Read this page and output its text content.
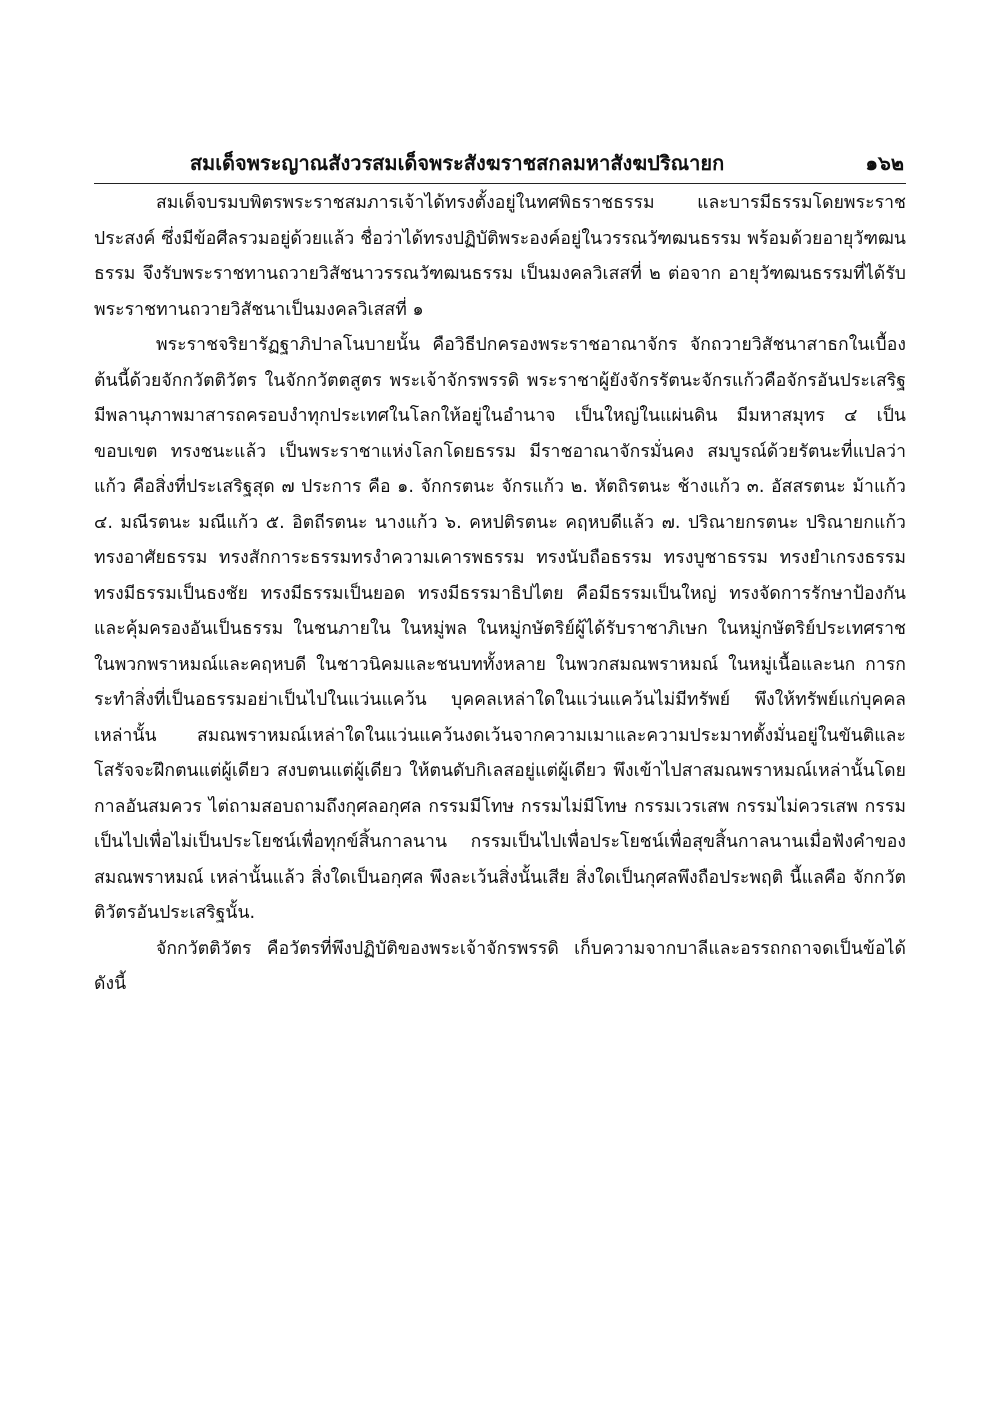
สมเด็จพระญาณสังวรสมเด็จพระสังฆราชสกลมหาสังฆปริณายก	๑๖๒

สมเด็จบรมบพิตรพระราชสมภารเจ้าได้ทรงตั้งอยู่ในทศพิธราชธรรม และบารมีธรรมโดยพระราชประสงค์ ซึ่งมีข้อศีลรวมอยู่ด้วยแล้ว ชื่อว่าได้ทรงปฏิบัติพระองค์อยู่ในวรรณวัฑฒนธรรม พร้อมด้วยอายุวัฑฒนธรรม จึงรับพระราชทานถวายวิสัชนาวรรณวัฑฒนธรรม เป็นมงคลวิเสสที่ ๒ ต่อจาก อายุวัฑฒนธรรมที่ได้รับพระราชทานถวายวิสัชนาเป็นมงคลวิเสสที่ ๑

พระราชจริยารัฏฐาภิปาลโนบายนั้น คือวิธีปกครองพระราชอาณาจักร จักถวายวิสัชนาสาธกในเบื้องต้นนี้ด้วยจักกวัตติวัตร ในจักกวัตตสูตร พระเจ้าจักรพรรดิ พระราชาผู้ยังจักรรัตนะจักรแก้วคือจักรอันประเสริฐ มีพลานุภาพมาสารถครอบงำทุกประเทศในโลกให้อยู่ในอำนาจ เป็นใหญ่ในแผ่นดิน มีมหาสมุทร ๔ เป็นขอบเขต ทรงชนะแล้ว เป็นพระราชาแห่งโลกโดยธรรม มีราชอาณาจักรมั่นคง สมบูรณ์ด้วยรัตนะที่แปลว่า แก้ว คือสิ่งที่ประเสริฐสุด ๗ ประการ คือ ๑. จักกรตนะ จักรแก้ว ๒. หัตถิรตนะ ช้างแก้ว ๓. อัสสรตนะ ม้าแก้ว ๔. มณีรตนะ มณีแก้ว ๕. อิตถีรตนะ นางแก้ว ๖. คหปติรตนะ คฤหบดีแล้ว ๗. ปริณายกรตนะ ปริณายกแก้ว ทรงอาศัยธรรม ทรงสักการะธรรมทรงำความเคารพธรรม ทรงนับถือธรรม ทรงบูชาธรรม ทรงยำเกรงธรรม ทรงมีธรรมเป็นธงชัย ทรงมีธรรมเป็นยอด ทรงมีธรรมาธิปไตย คือมีธรรมเป็นใหญ่ ทรงจัดการรักษาป้องกันและคุ้มครองอันเป็นธรรม ในชนภายใน ในหมู่พล ในหมู่กษัตริย์ผู้ได้รับราชาภิเษก ในหมู่กษัตริย์ประเทศราช ในพวกพราหมณ์และคฤหบดี ในชาวนิคมและชนบททั้งหลาย ในพวกสมณพราหมณ์ ในหมู่เนื้อและนก การกระทำสิ่งที่เป็นอธรรมอย่าเป็นไปในแว่นแคว้น บุคคลเหล่าใดในแว่นแคว้นไม่มีทรัพย์ พึงให้ทรัพย์แก่บุคคลเหล่านั้น สมณพราหมณ์เหล่าใดในแว่นแคว้นงดเว้นจากความเมาและความประมาทตั้งมั่นอยู่ในขันติและโสรัจจะฝึกตนแต่ผู้เดียว สงบตนแต่ผู้เดียว ให้ตนดับกิเลสอยู่แต่ผู้เดียว พึงเข้าไปสาสมณพราหมณ์เหล่านั้นโดยกาลอันสมควร ไต่ถามสอบถามถึงกุศลอกุศล กรรมมีโทษ กรรมไม่มีโทษ กรรมเวรเสพ กรรมไม่ควรเสพ กรรมเป็นไปเพื่อไม่เป็นประโยชน์เพื่อทุกข์สิ้นกาลนาน กรรมเป็นไปเพื่อประโยชน์เพื่อสุขสิ้นกาลนานเมื่อฟังคำของสมณพราหมณ์ เหล่านั้นแล้ว สิ่งใดเป็นอกุศล พึงละเว้นสิ่งนั้นเสีย สิ่งใดเป็นกุศลพึงถือประพฤติ นี้แลคือ จักกวัตติวัตรอันประเสริฐนั้น.

จักกวัตติวัตร คือวัตรที่พึงปฏิบัติของพระเจ้าจักรพรรดิ เก็บความจากบาลีและอรรถกถาจดเป็นข้อได้ ดังนี้
